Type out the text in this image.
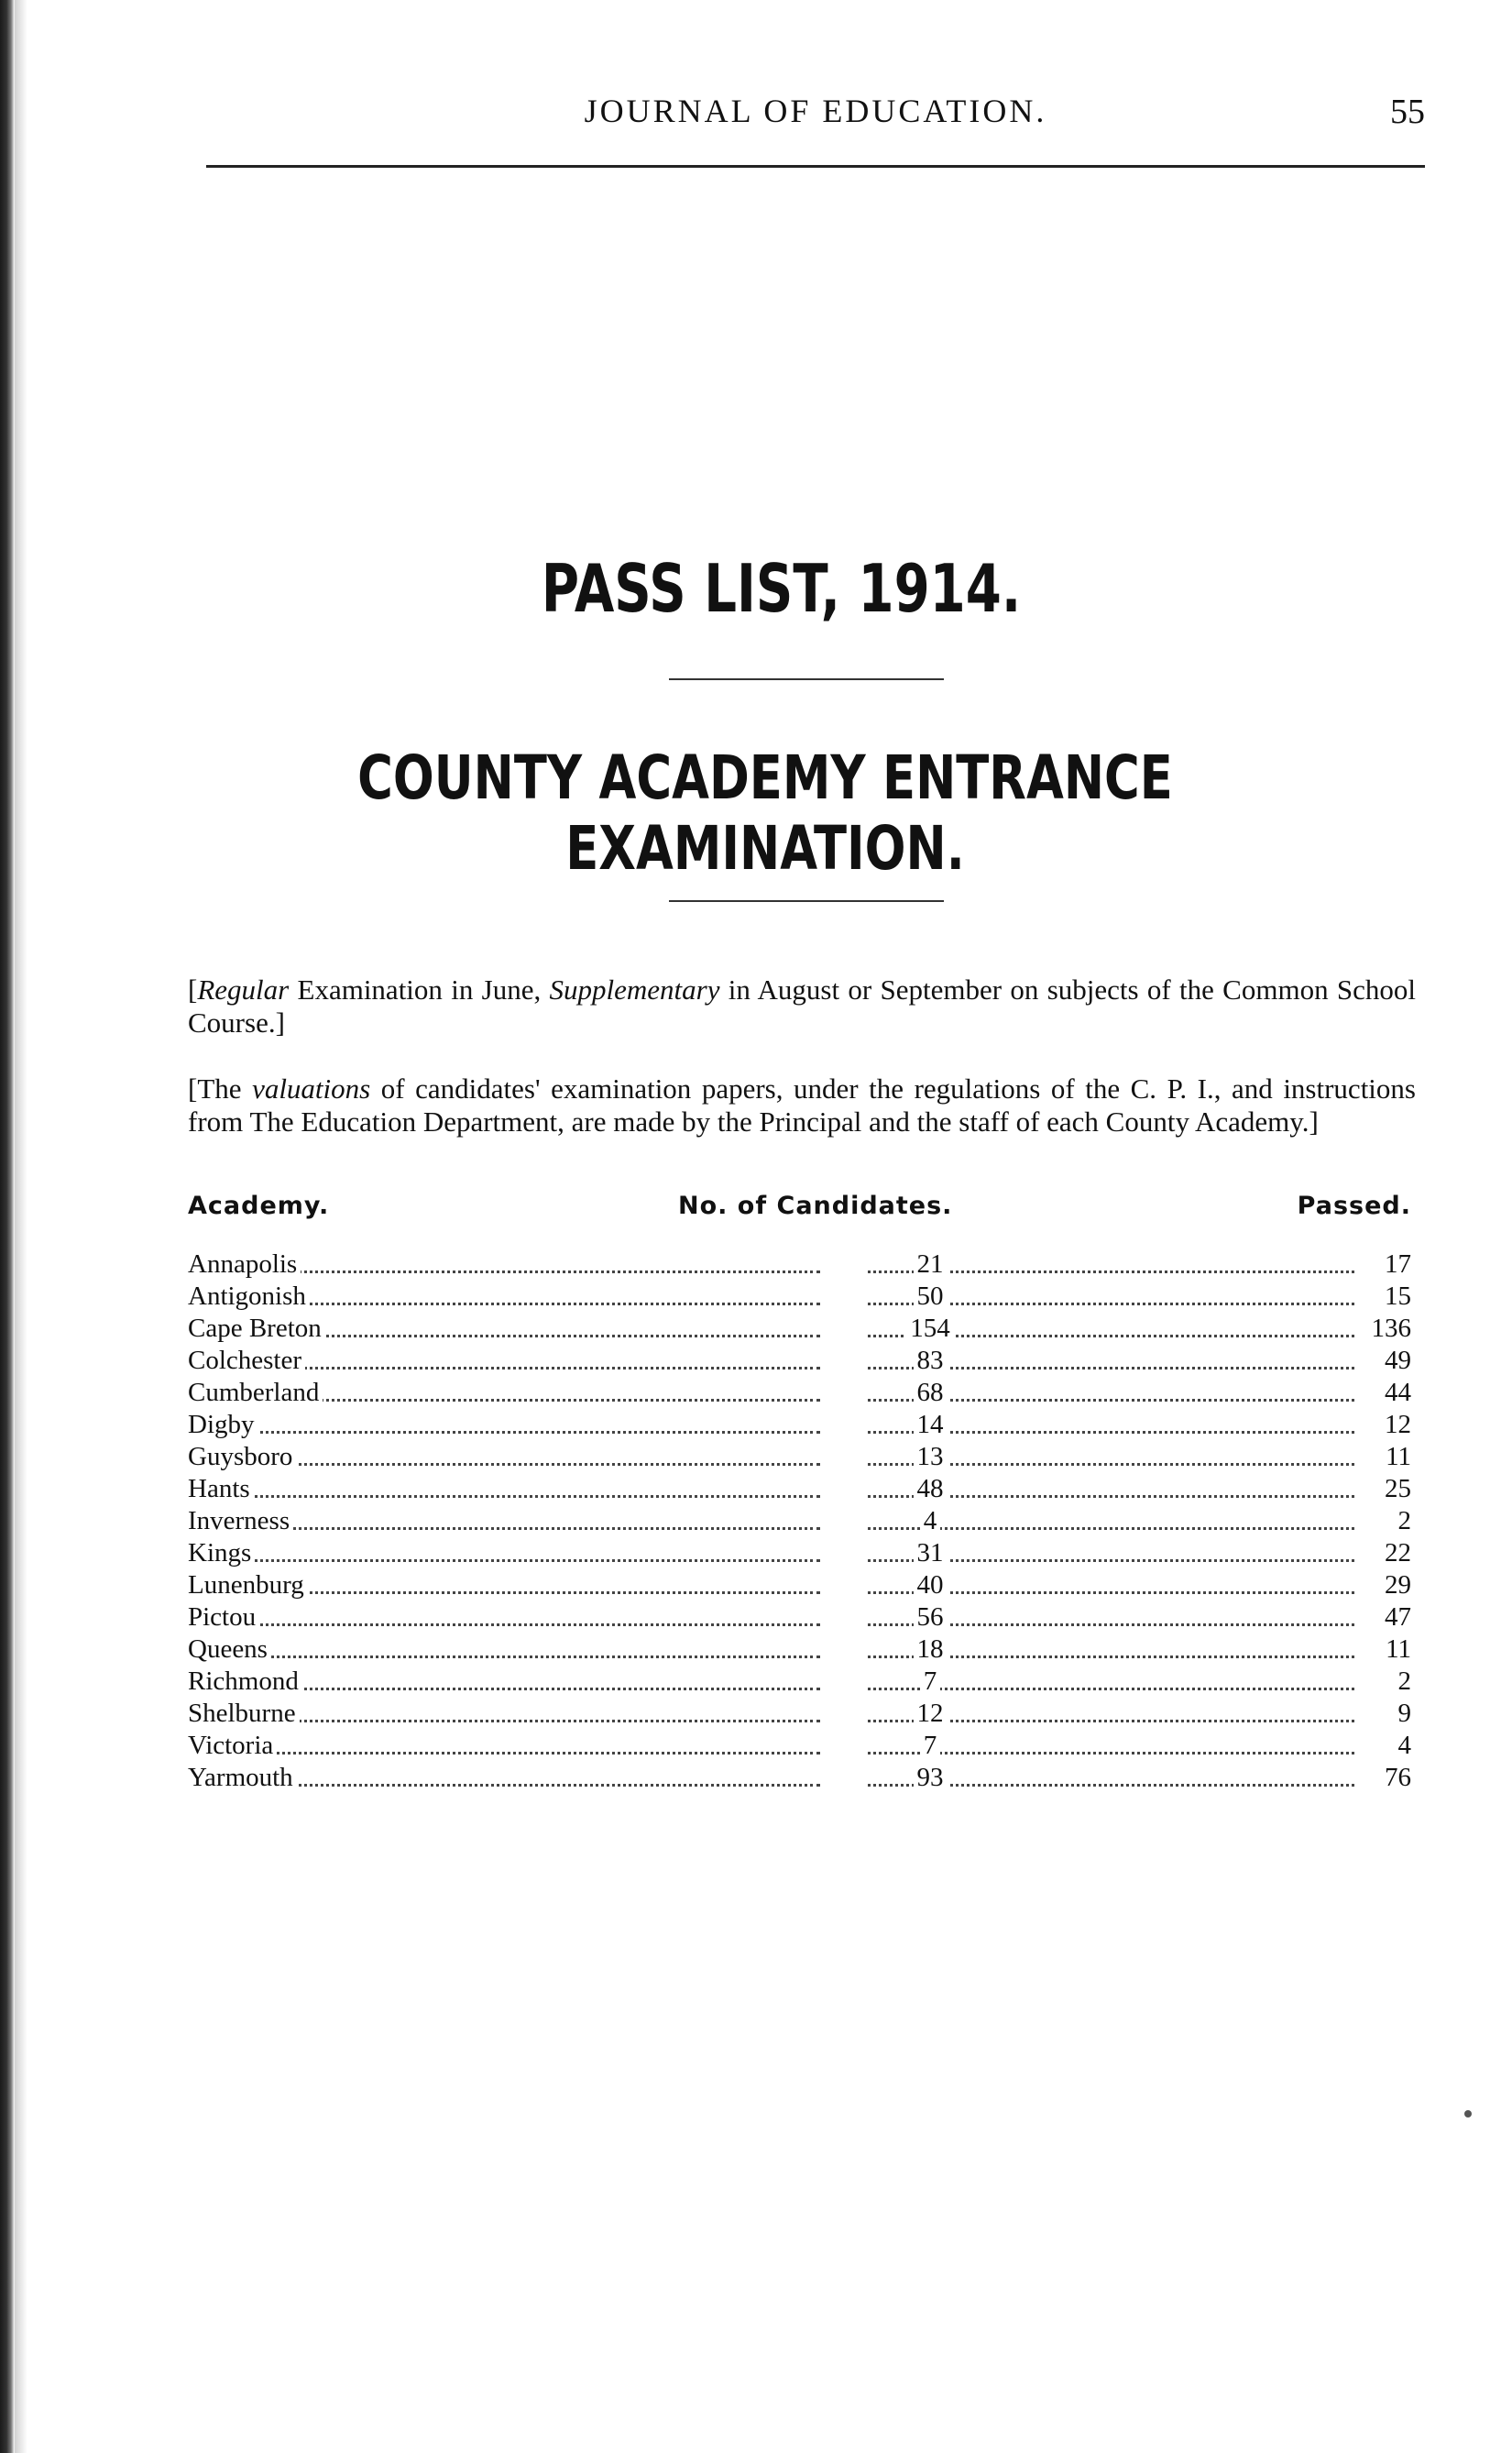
JOURNAL OF EDUCATION.	55
PASS LIST, 1914.
COUNTY ACADEMY ENTRANCE EXAMINATION.
[Regular Examination in June, Supplementary in August or September on subjects of the Common School Course.]
[The valuations of candidates' examination papers, under the regulations of the C. P. I., and instructions from The Education Department, are made by the Principal and the staff of each County Academy.]
Academy.	No. of Candidates.	Passed.
Annapolis	21	17
Antigonish	50	15
Cape Breton	154	136
Colchester	83	49
Cumberland	68	44
Digby	14	12
Guysboro	13	11
Hants	48	25
Inverness	4	2
Kings	31	22
Lunenburg	40	29
Pictou	56	47
Queens	18	11
Richmond	7	2
Shelburne	12	9
Victoria	7	4
Yarmouth	93	76
